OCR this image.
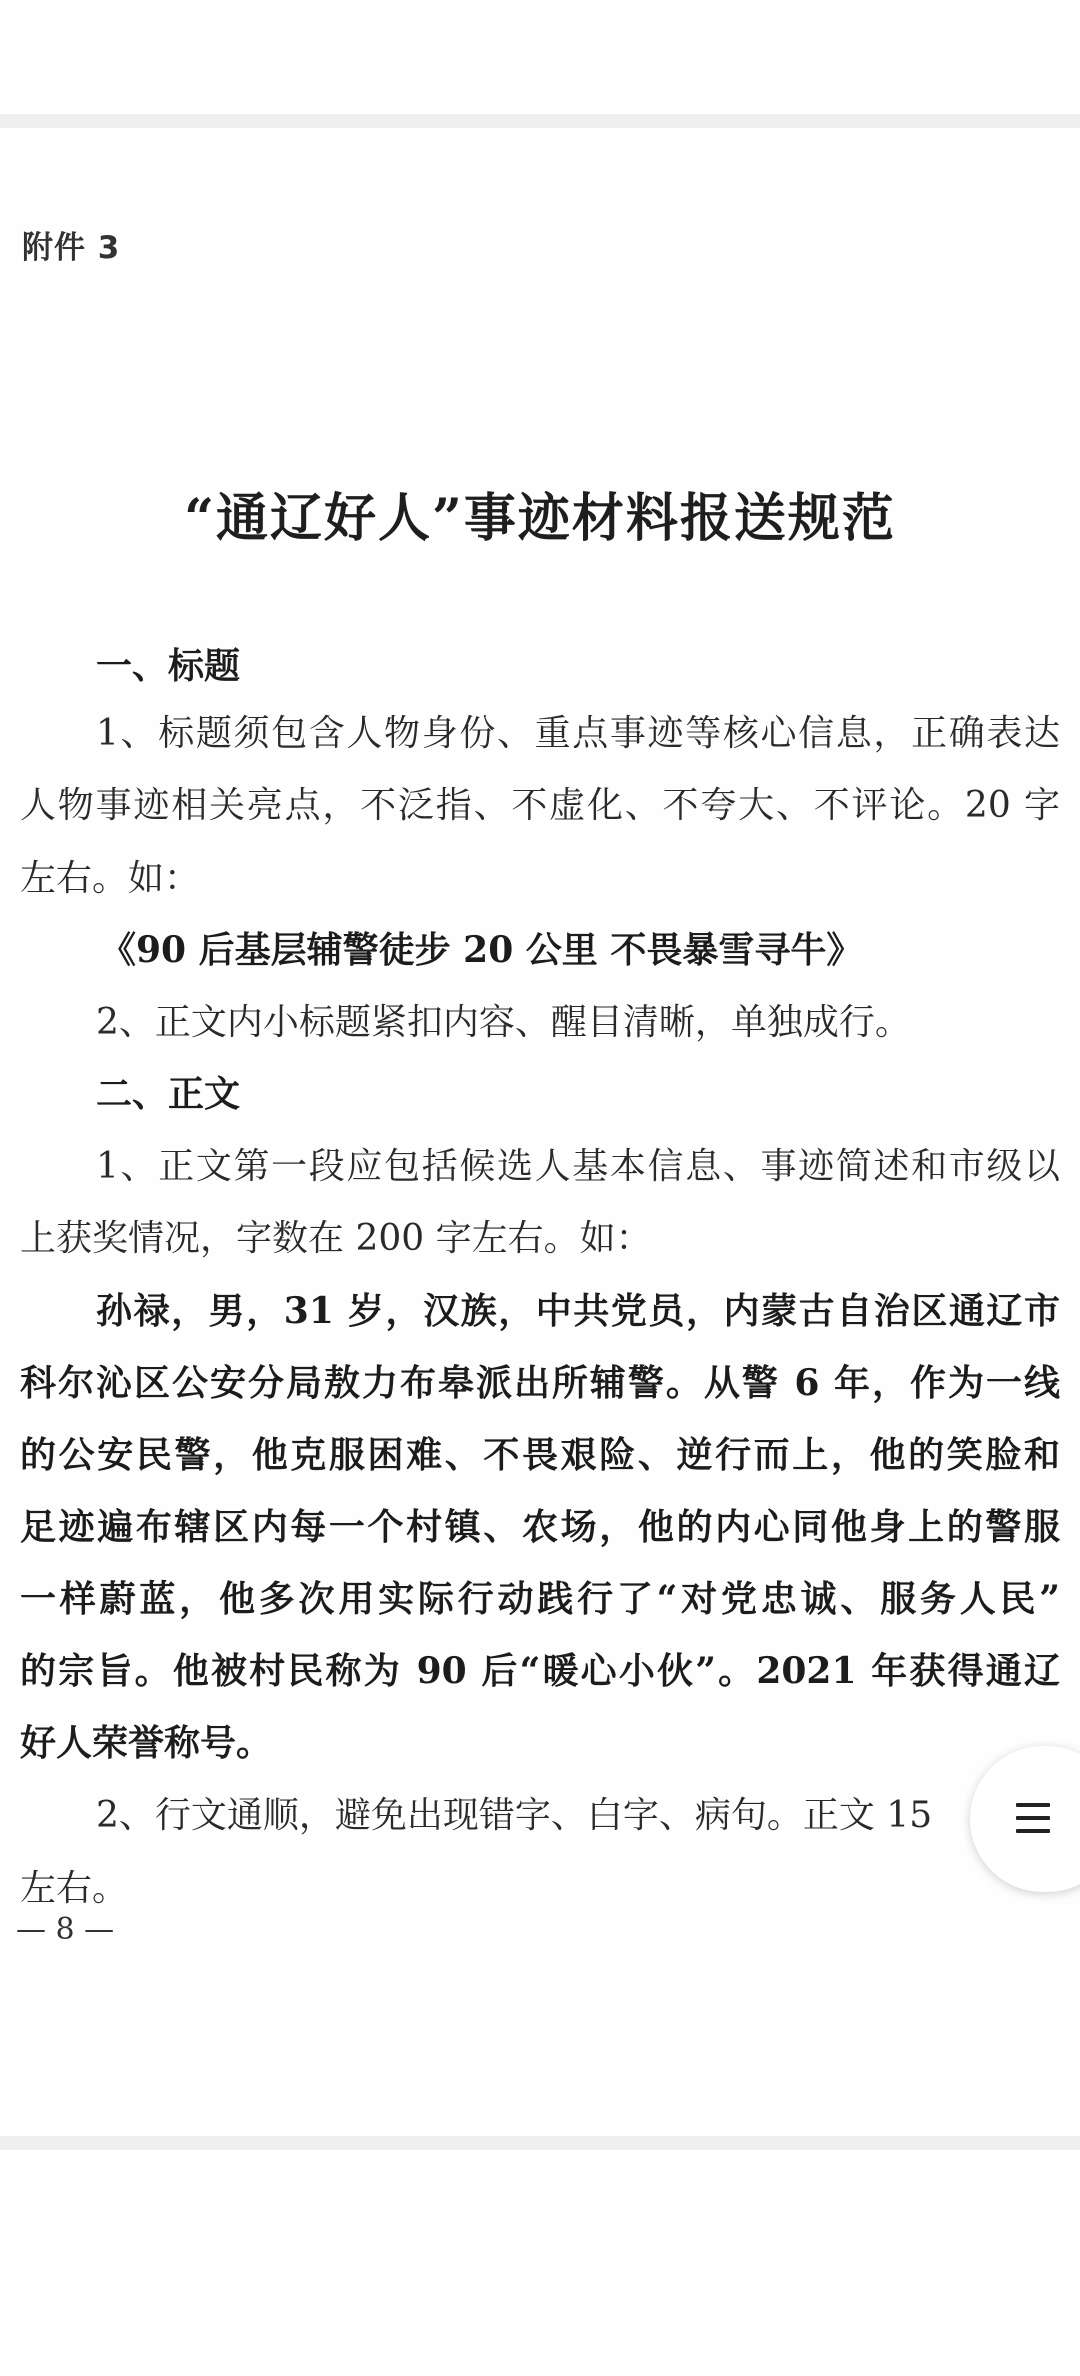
附件 3
“通辽好人”事迹材料报送规范
一、标题
1、标题须包含人物身份、重点事迹等核心信息，正确表达
人物事迹相关亮点，不泛指、不虚化、不夸大、不评论。20 字
左右。如：
《90 后基层辅警徒步 20 公里 不畏暴雪寻牛》
2、正文内小标题紧扣内容、醒目清晰，单独成行。
二、正文
1、正文第一段应包括候选人基本信息、事迹简述和市级以
上获奖情况，字数在 200 字左右。如：
孙禄，男，31 岁，汉族，中共党员，内蒙古自治区通辽市
科尔沁区公安分局敖力布皋派出所辅警。从警 6 年，作为一线
的公安民警，他克服困难、不畏艰险、逆行而上，他的笑脸和
足迹遍布辖区内每一个村镇、农场，他的内心同他身上的警服
一样蔚蓝，他多次用实际行动践行了“对党忠诚、服务人民”
的宗旨。他被村民称为 90 后“暖心小伙”。2021 年获得通辽
好人荣誉称号。
2、行文通顺，避免出现错字、白字、病句。正文 15
左右。
— 8 —
